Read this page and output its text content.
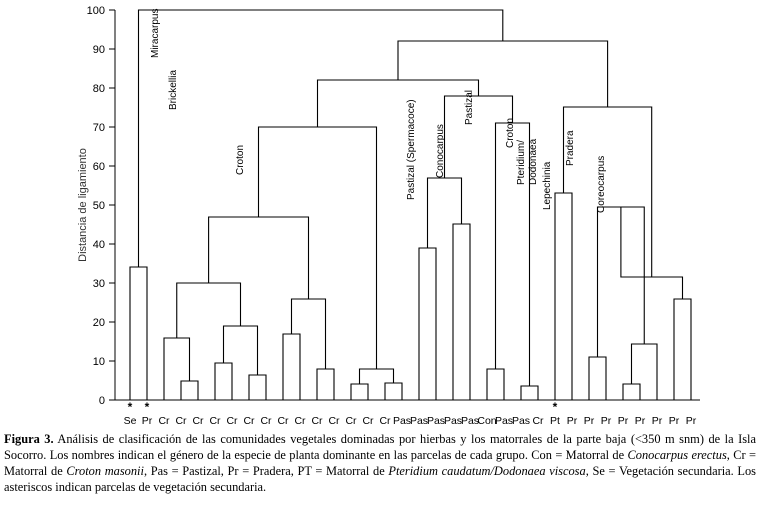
100
90
80
70
60
50
40
30
20
10
0
Distancia de ligamiento
Miracarpus
Brickellia
Croton	Pastizal (Spermacoce) Conocarpus
Pastizal
Croton
Pteridium/ Dodonaea Lepechinia
Pradera
Coreocarpus
* *	*
Se Pr Cr Cr Cr Cr Cr Cr Cr Cr Cr Cr Cr Cr Cr Cr Pas
Pas
Pas
Pas
Pas
Con
Pas
Pas Cr Pt Pr Pr Pr Pr Pr Pr Pr Pr
Figura 3. Análisis de clasificación de las comunidades vegetales dominadas por hierbas y los matorrales de la parte baja (<350 m snm) de la Isla Socorro. Los nombres indican el género de la especie de planta dominante en las parcelas de cada grupo. Con = Matorral de Conocarpus erectus, Cr = Matorral de Croton masonii, Pas = Pastizal, Pr = Pradera, PT = Matorral de Pteridium caudatum/Dodonaea viscosa, Se = Vegetación secundaria. Los asteriscos indican parcelas de vegetación secundaria.
